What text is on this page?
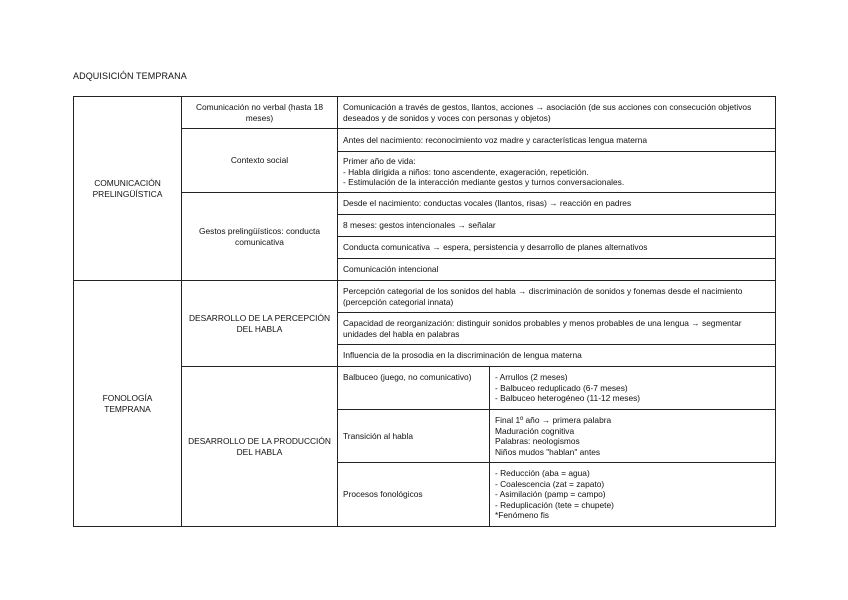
ADQUISICIÓN TEMPRANA
COMUNICACIÓN PRELINGÜÍSTICA	Comunicación no verbal (hasta 18 meses)	Comunicación a través de gestos, llantos, acciones → asociación (de sus acciones con consecución objetivos deseados y de sonidos y voces con personas y objetos)	
	Contexto social	Antes del nacimiento: reconocimiento voz madre y características lengua materna	
		Primer año de vida:
- Habla dirigida a niños: tono ascendente, exageración, repetición.
- Estimulación de la interacción mediante gestos y turnos conversacionales.	
	Gestos prelingüísticos: conducta comunicativa	Desde el nacimiento: conductas vocales (llantos, risas) → reacción en padres	
		8 meses: gestos intencionales → señalar	
		Conducta comunicativa → espera, persistencia y desarrollo de planes alternativos	
		Comunicación intencional	
FONOLOGÍA TEMPRANA	DESARROLLO DE LA PERCEPCIÓN DEL HABLA	Percepción categorial de los sonidos del habla → discriminación de sonidos y fonemas desde el nacimiento (percepción categorial innata)	
		Capacidad de reorganización: distinguir sonidos probables y menos probables de una lengua → segmentar unidades del habla en palabras	
		Influencia de la prosodia en la discriminación de lengua materna	
	DESARROLLO DE LA PRODUCCIÓN DEL HABLA	Balbuceo (juego, no comunicativo)	- Arrullos (2 meses)
- Balbuceo reduplicado (6-7 meses)
- Balbuceo heterogéneo (11-12 meses)
		Transición al habla	Final 1º año → primera palabra
Maduración cognitiva
Palabras: neologismos
Niños mudos "hablan" antes
		Procesos fonológicos	- Reducción (aba = agua)
- Coalescencia (zat = zapato)
- Asimilación (pamp = campo)
- Reduplicación (tete = chupete)
*Fenómeno fis
